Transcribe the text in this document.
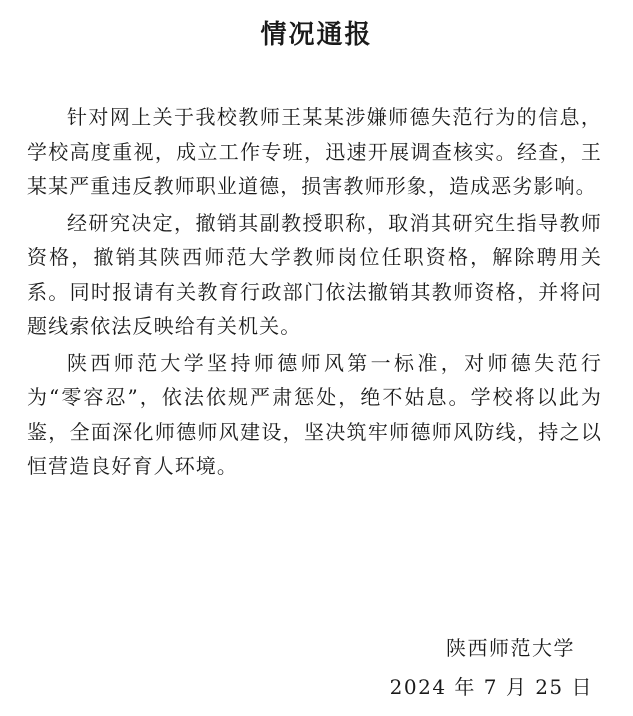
情况通报

针对网上关于我校教师王某某涉嫌师德失范行为的信息，学校高度重视，成立工作专班，迅速开展调查核实。经查，王某某严重违反教师职业道德，损害教师形象，造成恶劣影响。

经研究决定，撤销其副教授职称，取消其研究生指导教师资格，撤销其陕西师范大学教师岗位任职资格，解除聘用关系。同时报请有关教育行政部门依法撤销其教师资格，并将问题线索依法反映给有关机关。

陕西师范大学坚持师德师风第一标准，对师德失范行为“零容忍”，依法依规严肃惩处，绝不姑息。学校将以此为鉴，全面深化师德师风建设，坚决筑牢师德师风防线，持之以恒营造良好育人环境。

陕西师范大学
2024 年 7 月 25 日
